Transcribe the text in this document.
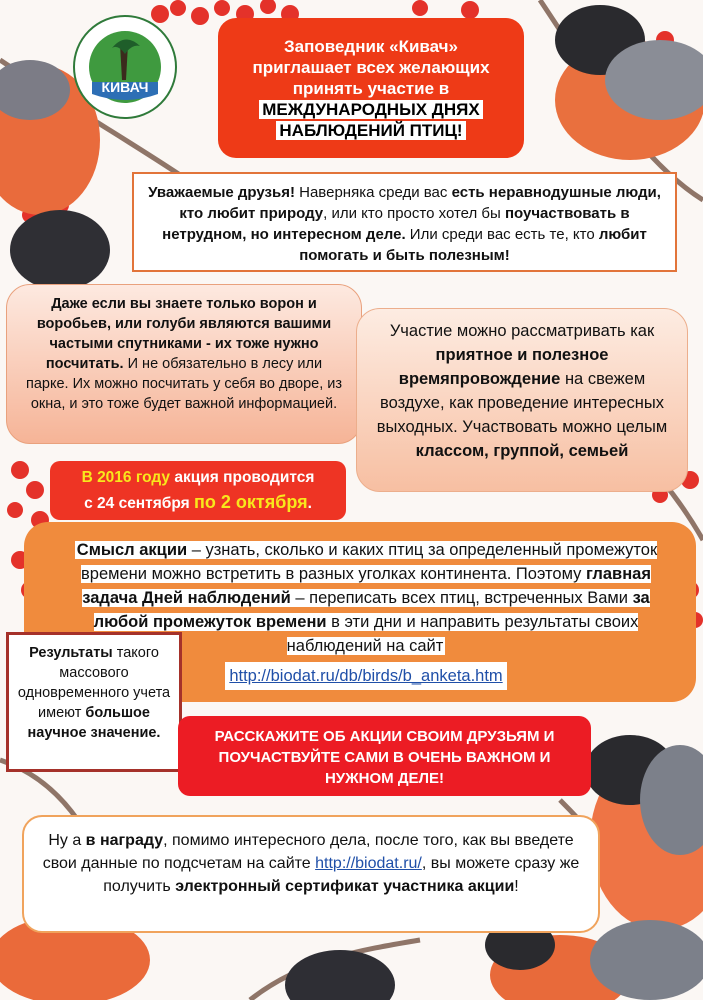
КИВАЧ
Заповедник «Кивач»
приглашает всех желающих
принять участие в
МЕЖДУНАРОДНЫХ ДНЯХ
НАБЛЮДЕНИЙ ПТИЦ!
Уважаемые друзья! Наверняка среди вас есть неравнодушные люди, кто любит природу, или кто просто хотел бы поучаствовать в нетрудном, но интересном деле. Или среди вас есть те, кто любит помогать и быть полезным!
Даже если вы знаете только ворон и воробьев, или голуби являются вашими частыми спутниками - их тоже нужно посчитать. И не обязательно в лесу или парке. Их можно посчитать у себя во дворе, из окна, и это тоже будет важной информацией.
Участие можно рассматривать как приятное и полезное времяпровождение на свежем воздухе, как проведение интересных выходных. Участвовать можно целым классом, группой, семьей
В 2016 году акция проводится
с 24 сентября по 2 октября.
Смысл акции – узнать, сколько и каких птиц за определенный промежуток времени можно встретить в разных уголках континента. Поэтому главная задача Дней наблюдений – переписать всех птиц, встреченных Вами за любой промежуток времени в эти дни и направить результаты своих наблюдений на сайт
http://biodat.ru/db/birds/b_anketa.htm
Результаты такого массового одновременного учета имеют большое научное значение.	РАССКАЖИТЕ ОБ АКЦИИ СВОИМ ДРУЗЬЯМ И ПОУЧАСТВУЙТЕ САМИ В ОЧЕНЬ ВАЖНОМ И НУЖНОМ ДЕЛЕ!
Ну а в награду, помимо интересного дела, после того, как вы введете свои данные по подсчетам на сайте http://biodat.ru/, вы можете сразу же получить электронный сертификат участника акции!
